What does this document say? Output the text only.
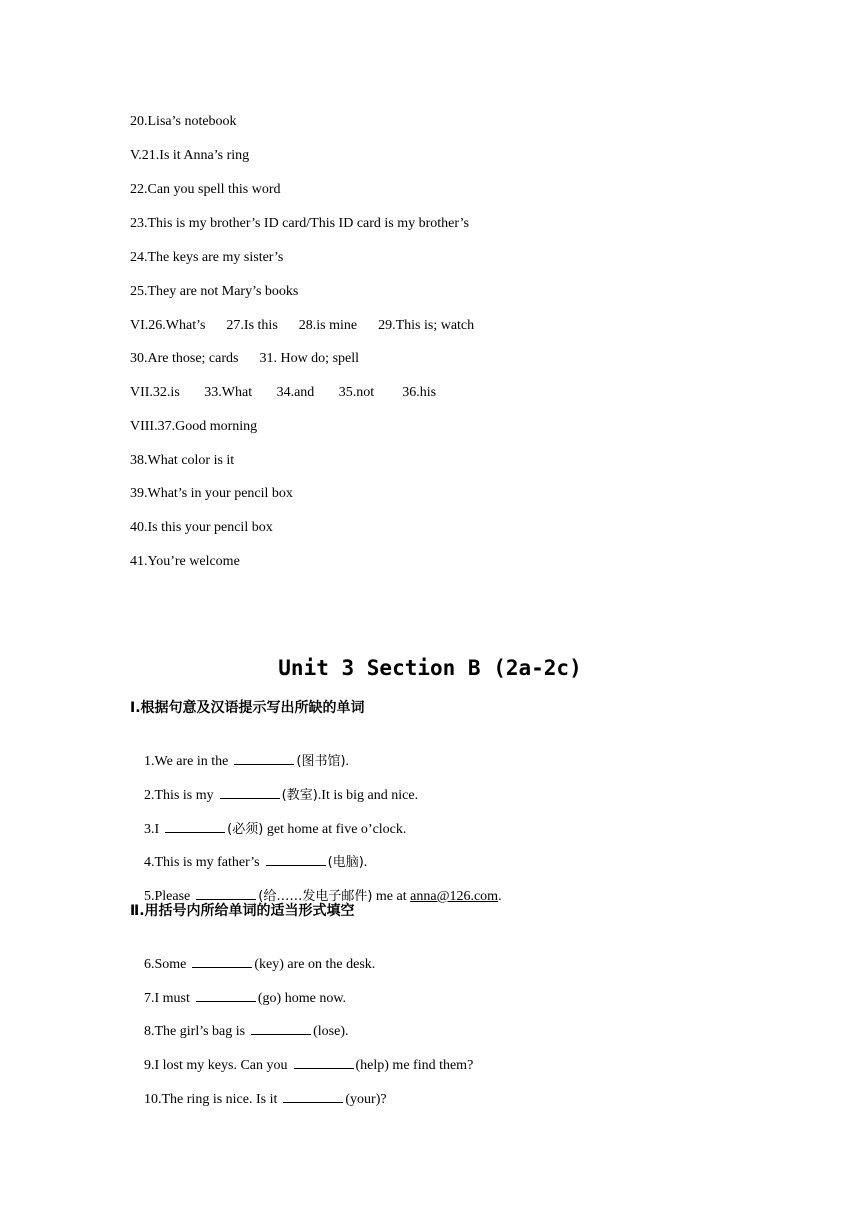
20.Lisa’s notebook
V.21.Is it Anna’s ring
22.Can you spell this word
23.This is my brother’s ID card/This ID card is my brother’s
24.The keys are my sister’s
25.They are not Mary’s books
VI.26.What’s      27.Is this      28.is mine      29.This is; watch
30.Are those; cards      31. How do; spell
VII.32.is       33.What       34.and       35.not        36.his
VIII.37.Good morning
38.What color is it
39.What’s in your pencil box
40.Is this your pencil box
41.You’re welcome
Unit 3 Section B (2a-2c)
Ⅰ.根据句意及汉语提示写出所缺的单词

1.We are in the	(图书馆).

2.This is my	(教室).It is big and nice.

3.I	(必须) get home at five o’clock.

4.This is my father’s	(电脑).

5.Please	(给……发电子邮件) me at anna@126.com.

Ⅱ.用括号内所给单词的适当形式填空

6.Some	(key) are on the desk.

7.I must	(go) home now.

8.The girl’s bag is	(lose).

9.I lost my keys. Can you	(help) me find them?

10.The ring is nice. Is it	(your)?
